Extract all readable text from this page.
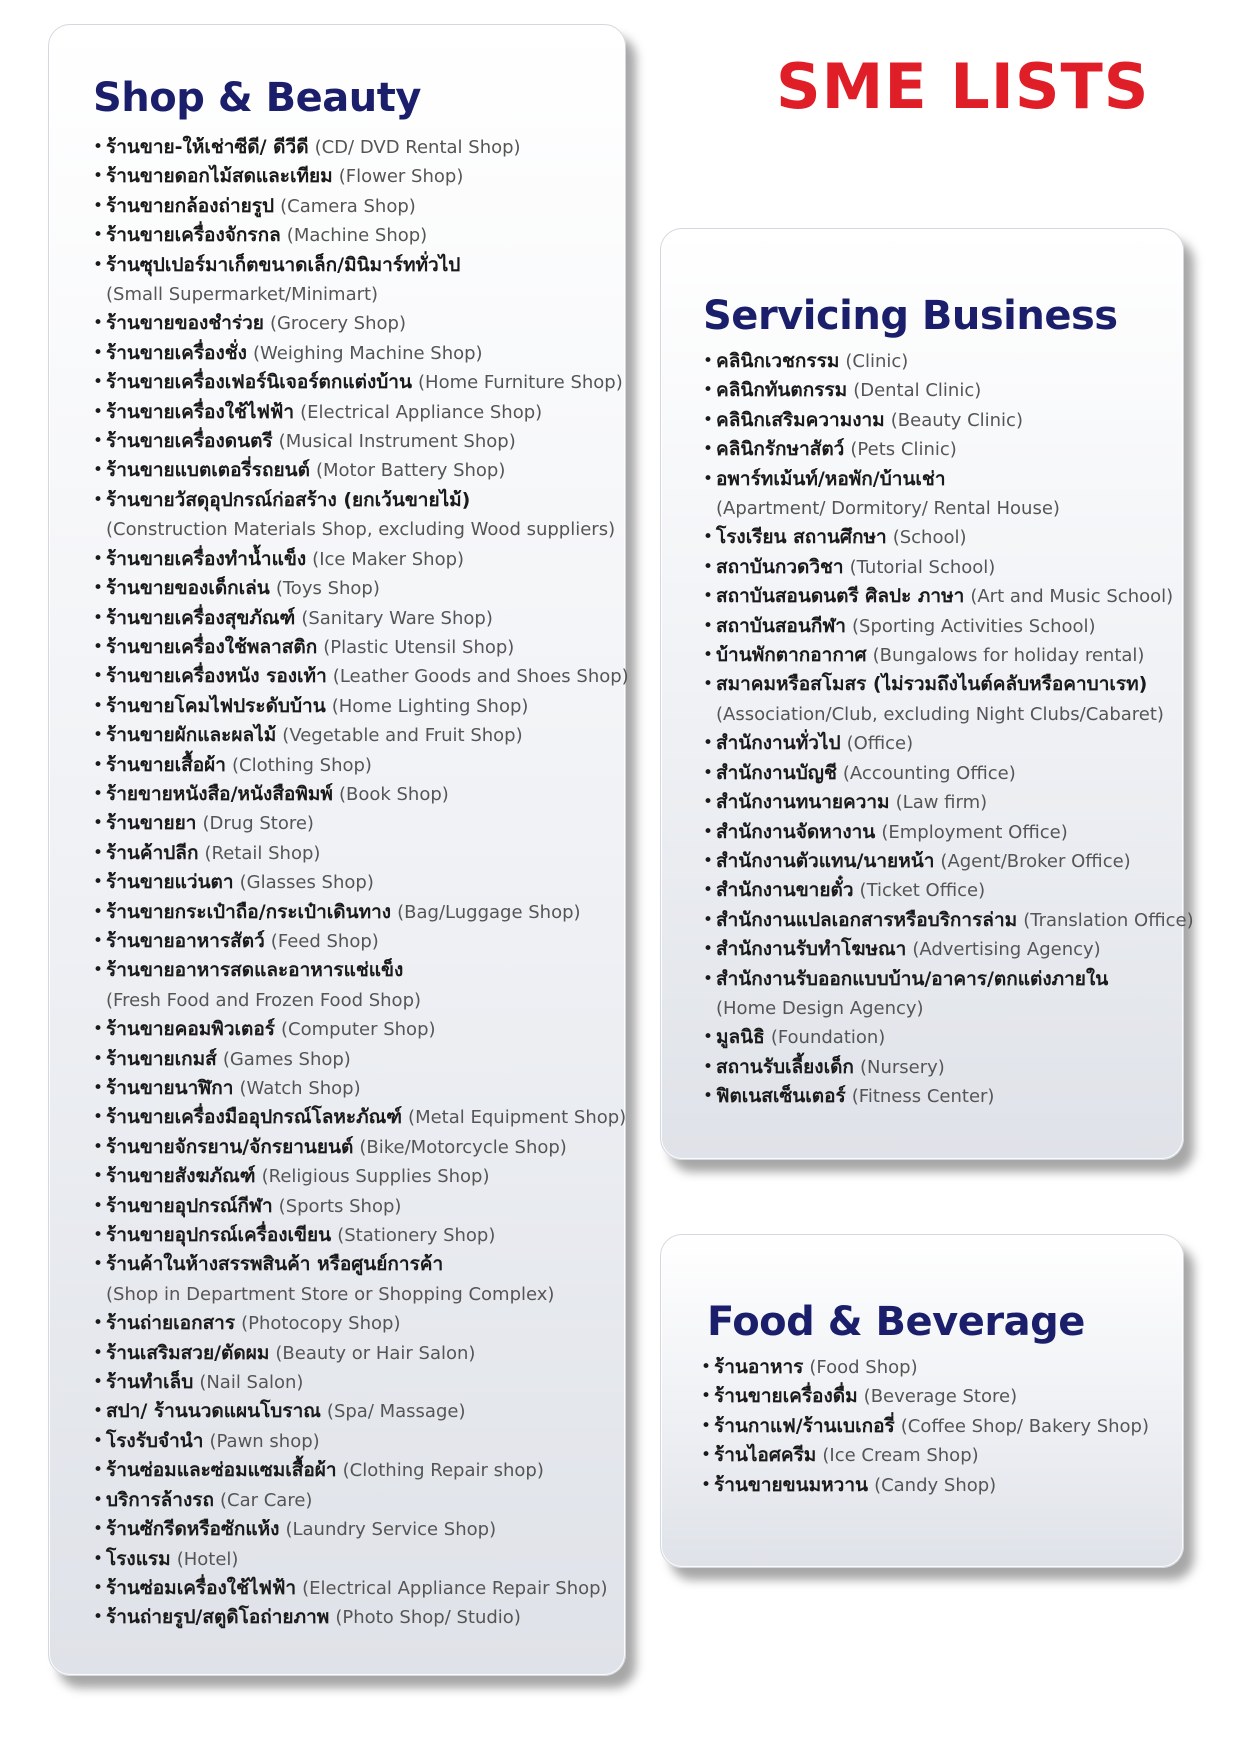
SME LISTS
Shop & Beauty
• ร้านขาย-ให้เช่าซีดี/ ดีวีดี (CD/ DVD Rental Shop)
• ร้านขายดอกไม้สดและเทียม (Flower Shop)
• ร้านขายกล้องถ่ายรูป (Camera Shop)
• ร้านขายเครื่องจักรกล (Machine Shop)
• ร้านซุปเปอร์มาเก็ตขนาดเล็ก/มินิมาร์ททั่วไป
(Small Supermarket/Minimart)
• ร้านขายของชำร่วย (Grocery Shop)
• ร้านขายเครื่องชั่ง (Weighing Machine Shop)
• ร้านขายเครื่องเฟอร์นิเจอร์ตกแต่งบ้าน (Home Furniture Shop)
• ร้านขายเครื่องใช้ไฟฟ้า (Electrical Appliance Shop)
• ร้านขายเครื่องดนตรี (Musical Instrument Shop)
• ร้านขายแบตเตอรี่รถยนต์ (Motor Battery Shop)
• ร้านขายวัสดุอุปกรณ์ก่อสร้าง (ยกเว้นขายไม้)
(Construction Materials Shop, excluding Wood suppliers)
• ร้านขายเครื่องทำน้ำแข็ง (Ice Maker Shop)
• ร้านขายของเด็กเล่น (Toys Shop)
• ร้านขายเครื่องสุขภัณฑ์ (Sanitary Ware Shop)
• ร้านขายเครื่องใช้พลาสติก (Plastic Utensil Shop)
• ร้านขายเครื่องหนัง รองเท้า (Leather Goods and Shoes Shop)
• ร้านขายโคมไฟประดับบ้าน (Home Lighting Shop)
• ร้านขายผักและผลไม้ (Vegetable and Fruit Shop)
• ร้านขายเสื้อผ้า (Clothing Shop)
• ร้ายขายหนังสือ/หนังสือพิมพ์ (Book Shop)
• ร้านขายยา (Drug Store)
• ร้านค้าปลีก (Retail Shop)
• ร้านขายแว่นตา (Glasses Shop)
• ร้านขายกระเป๋าถือ/กระเป๋าเดินทาง (Bag/Luggage Shop)
• ร้านขายอาหารสัตว์ (Feed Shop)
• ร้านขายอาหารสดและอาหารแช่แข็ง
(Fresh Food and Frozen Food Shop)
• ร้านขายคอมพิวเตอร์ (Computer Shop)
• ร้านขายเกมส์ (Games Shop)
• ร้านขายนาฬิกา (Watch Shop)
• ร้านขายเครื่องมืออุปกรณ์โลหะภัณฑ์ (Metal Equipment Shop)
• ร้านขายจักรยาน/จักรยานยนต์ (Bike/Motorcycle Shop)
• ร้านขายสังฆภัณฑ์ (Religious Supplies Shop)
• ร้านขายอุปกรณ์กีฬา (Sports Shop)
• ร้านขายอุปกรณ์เครื่องเขียน (Stationery Shop)
• ร้านค้าในห้างสรรพสินค้า หรือศูนย์การค้า
(Shop in Department Store or Shopping Complex)
• ร้านถ่ายเอกสาร (Photocopy Shop)
• ร้านเสริมสวย/ตัดผม (Beauty or Hair Salon)
• ร้านทำเล็บ (Nail Salon)
• สปา/ ร้านนวดแผนโบราณ (Spa/ Massage)
• โรงรับจำนำ (Pawn shop)
• ร้านซ่อมและซ่อมแซมเสื้อผ้า (Clothing Repair shop)
• บริการล้างรถ (Car Care)
• ร้านซักรีดหรือซักแห้ง (Laundry Service Shop)
• โรงแรม (Hotel)
• ร้านซ่อมเครื่องใช้ไฟฟ้า (Electrical Appliance Repair Shop)
• ร้านถ่ายรูป/สตูดิโอถ่ายภาพ (Photo Shop/ Studio)
Servicing Business
• คลินิกเวชกรรม (Clinic)
• คลินิกทันตกรรม (Dental Clinic)
• คลินิกเสริมความงาม (Beauty Clinic)
• คลินิกรักษาสัตว์ (Pets Clinic)
• อพาร์ทเม้นท์/หอพัก/บ้านเช่า
(Apartment/ Dormitory/ Rental House)
• โรงเรียน สถานศึกษา (School)
• สถาบันกวดวิชา (Tutorial School)
• สถาบันสอนดนตรี ศิลปะ ภาษา (Art and Music School)
• สถาบันสอนกีฬา (Sporting Activities School)
• บ้านพักตากอากาศ (Bungalows for holiday rental)
• สมาคมหรือสโมสร (ไม่รวมถึงไนต์คลับหรือคาบาเรท)
(Association/Club, excluding Night Clubs/Cabaret)
• สำนักงานทั่วไป (Office)
• สำนักงานบัญชี (Accounting Office)
• สำนักงานทนายความ (Law firm)
• สำนักงานจัดหางาน (Employment Office)
• สำนักงานตัวแทน/นายหน้า (Agent/Broker Office)
• สำนักงานขายตั๋ว (Ticket Office)
• สำนักงานแปลเอกสารหรือบริการล่าม (Translation Office)
• สำนักงานรับทำโฆษณา (Advertising Agency)
• สำนักงานรับออกแบบบ้าน/อาคาร/ตกแต่งภายใน
(Home Design Agency)
• มูลนิธิ (Foundation)
• สถานรับเลี้ยงเด็ก (Nursery)
• ฟิตเนสเซ็นเตอร์ (Fitness Center)
Food & Beverage
• ร้านอาหาร (Food Shop)
• ร้านขายเครื่องดื่ม (Beverage Store)
• ร้านกาแฟ/ร้านเบเกอรี่ (Coffee Shop/ Bakery Shop)
• ร้านไอศครีม (Ice Cream Shop)
• ร้านขายขนมหวาน (Candy Shop)
